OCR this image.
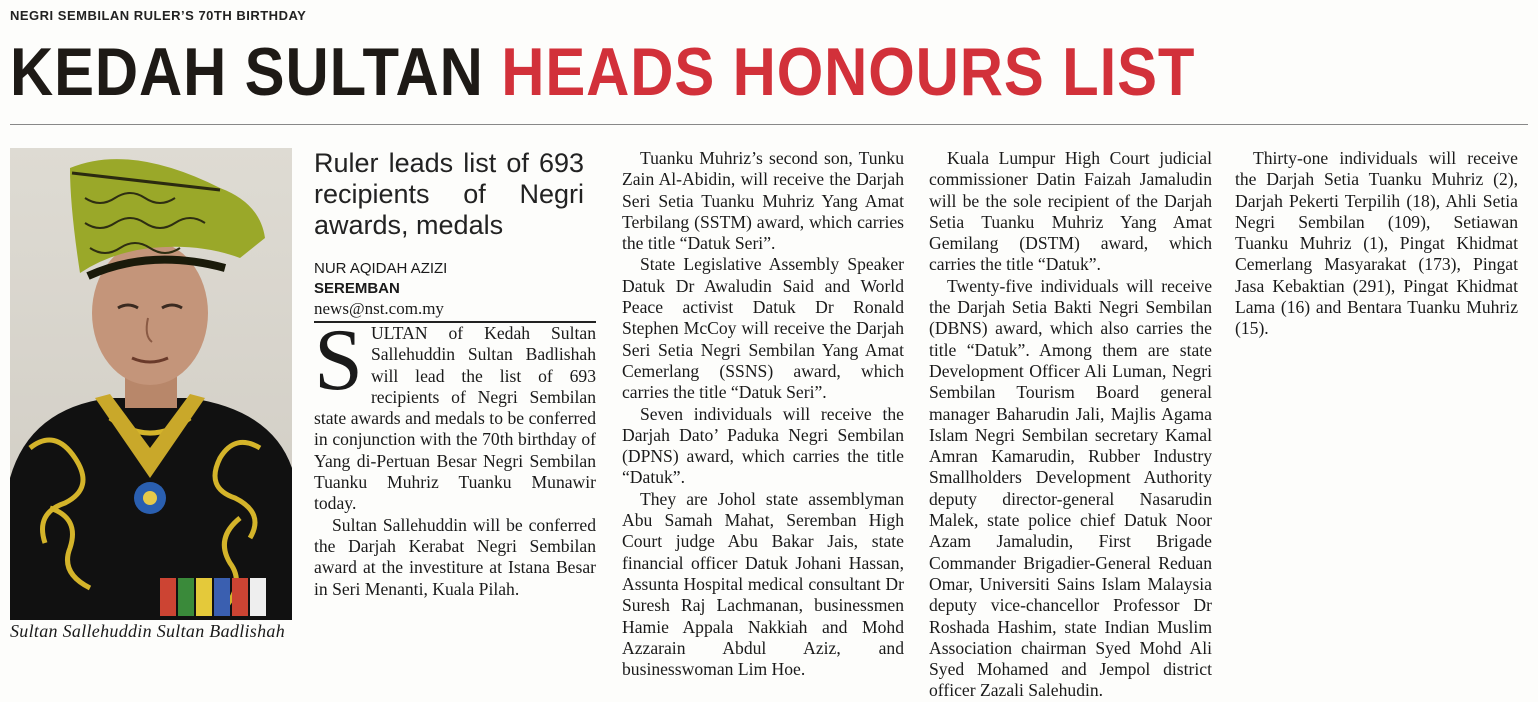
NEGRI SEMBILAN RULER’S 70TH BIRTHDAY
KEDAH SULTAN HEADS HONOURS LIST
Sultan Sallehuddin Sultan Badlishah
Ruler leads list of 693 recipients of Negri awards, medals
NUR AQIDAH AZIZI
SEREMBAN
news@nst.com.my

SULTAN of Kedah Sultan Sallehuddin Sultan Badlishah will lead the list of 693 recipients of Negri Sembilan state awards and medals to be conferred in conjunction with the 70th birthday of Yang di-Pertuan Besar Negri Sembilan Tuanku Muhriz Tuanku Munawir today.

Sultan Sallehuddin will be conferred the Darjah Kerabat Negri Sembilan award at the investiture at Istana Besar in Seri Menanti, Kuala Pilah.

Tuanku Muhriz’s second son, Tunku Zain Al-Abidin, will receive the Darjah Seri Setia Tuanku Muhriz Yang Amat Terbilang (SSTM) award, which carries the title “Datuk Seri”.

State Legislative Assembly Speaker Datuk Dr Awaludin Said and World Peace activist Datuk Dr Ronald Stephen McCoy will receive the Darjah Seri Setia Negri Sembilan Yang Amat Cemerlang (SSNS) award, which carries the title “Datuk Seri”.

Seven individuals will receive the Darjah Dato’ Paduka Negri Sembilan (DPNS) award, which carries the title “Datuk”.

They are Johol state assemblyman Abu Samah Mahat, Seremban High Court judge Abu Bakar Jais, state financial officer Datuk Johani Hassan, Assunta Hospital medical consultant Dr Suresh Raj Lachmanan, businessmen Hamie Appala Nakkiah and Mohd Azzarain Abdul Aziz, and businesswoman Lim Hoe.

Kuala Lumpur High Court judicial commissioner Datin Faizah Jamaludin will be the sole recipient of the Darjah Setia Tuanku Muhriz Yang Amat Gemilang (DSTM) award, which carries the title “Datuk”.

Twenty-five individuals will receive the Darjah Setia Bakti Negri Sembilan (DBNS) award, which also carries the title “Datuk”. Among them are state Development Officer Ali Luman, Negri Sembilan Tourism Board general manager Baharudin Jali, Majlis Agama Islam Negri Sembilan secretary Kamal Amran Kamarudin, Rubber Industry Smallholders Development Authority deputy director-general Nasarudin Malek, state police chief Datuk Noor Azam Jamaludin, First Brigade Commander Brigadier-General Reduan Omar, Universiti Sains Islam Malaysia deputy vice-chancellor Professor Dr Roshada Hashim, state Indian Muslim Association chairman Syed Mohd Ali Syed Mohamed and Jempol district officer Zazali Salehudin.

Thirty-one individuals will receive the Darjah Setia Tuanku Muhriz (2), Darjah Pekerti Terpilih (18), Ahli Setia Negri Sembilan (109), Setiawan Tuanku Muhriz (1), Pingat Khidmat Cemerlang Masyarakat (173), Pingat Jasa Kebaktian (291), Pingat Khidmat Lama (16) and Bentara Tuanku Muhriz (15).
